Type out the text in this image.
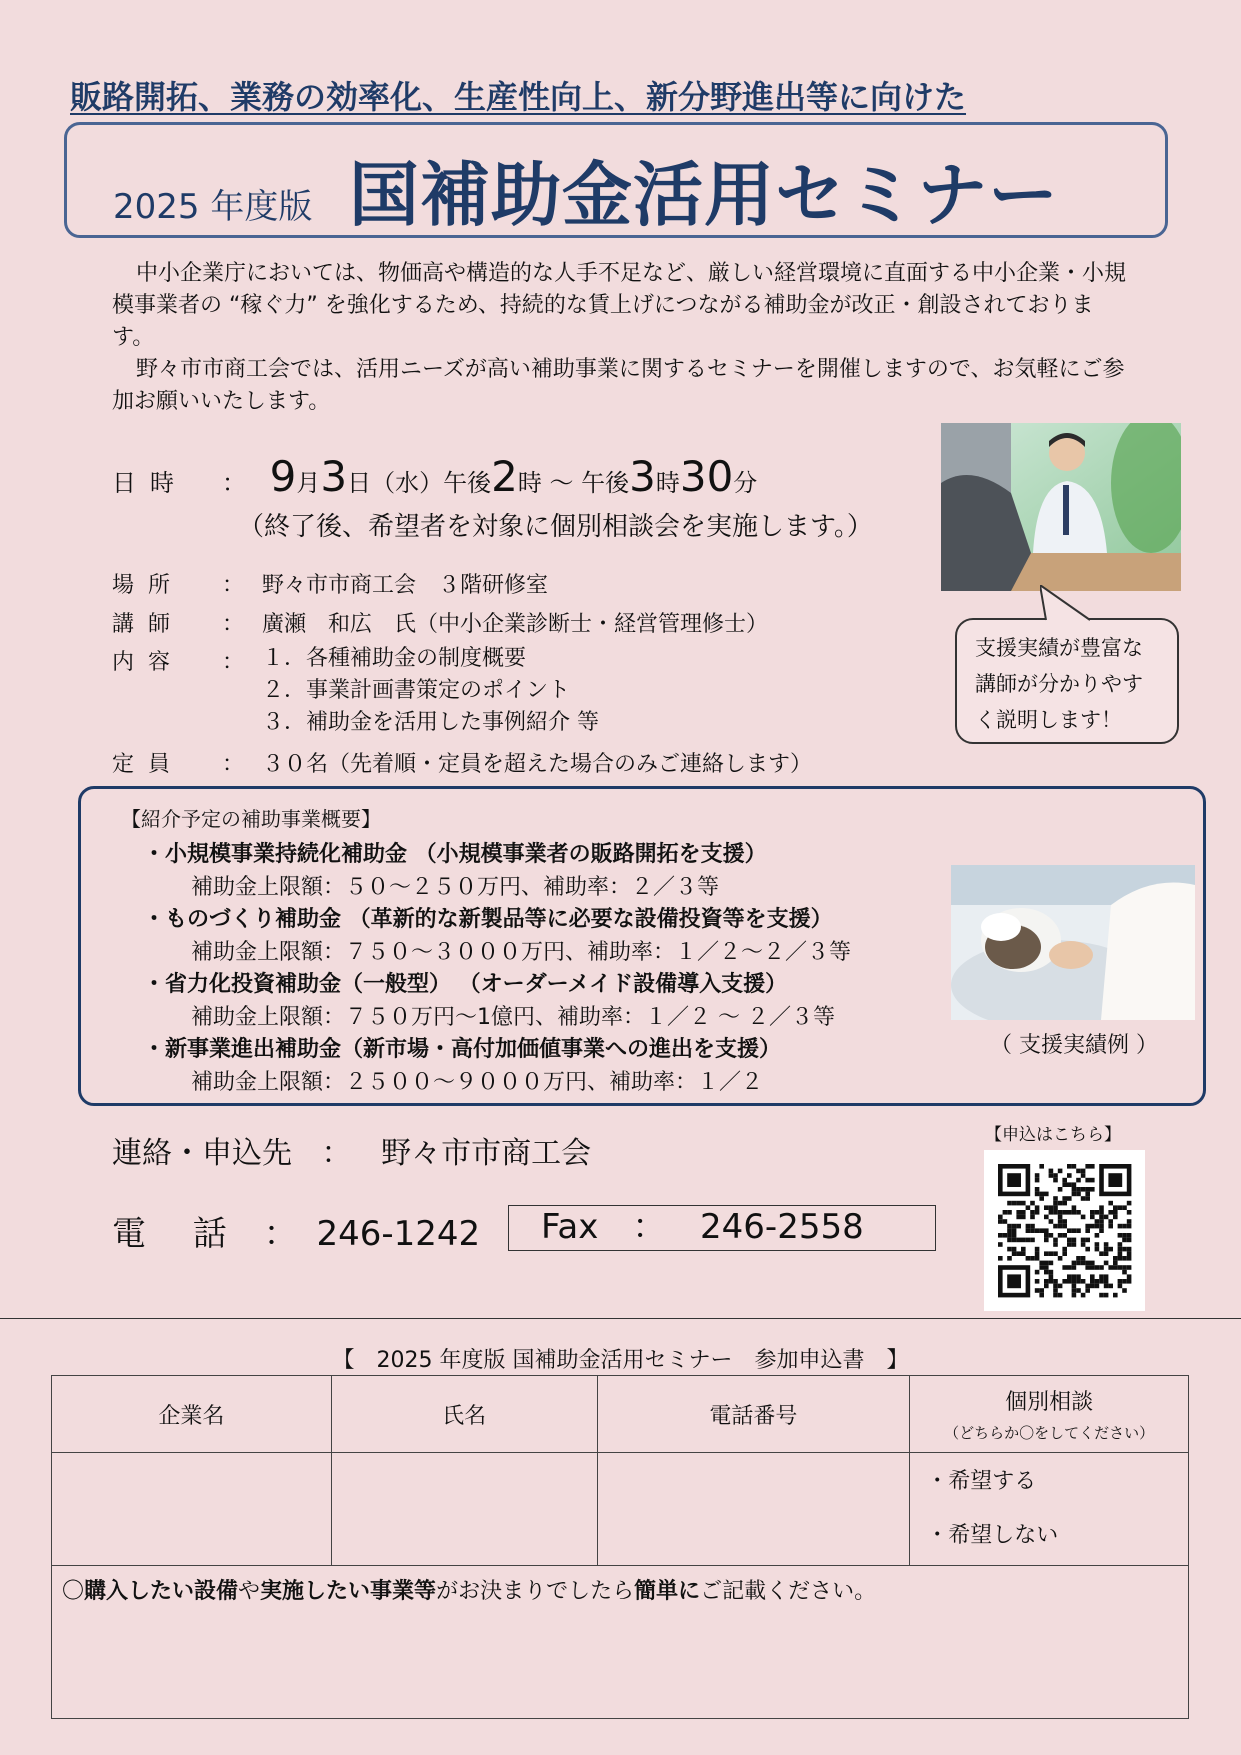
販路開拓、業務の効率化、生産性向上、新分野進出等に向けた
2025 年度版 国補助金活用セミナー

中小企業庁においては、物価高や構造的な人手不足など、厳しい経営環境に直面する中小企業・小規模事業者の “稼ぐ力” を強化するため、持続的な賃上げにつながる補助金が改正・創設されております。

野々市市商工会では、活用ニーズが高い補助事業に関するセミナーを開催しますので、お気軽にご参加お願いいたします。

日時 ： 9月3日（水）午後2時 ～ 午後3時30分
（終了後、希望者を対象に個別相談会を実施します。）
場所 ： 野々市市商工会　３階研修室
講師 ： 廣瀬　和広　氏（中小企業診断士・経営管理修士）
内容 ： １．各種補助金の制度概要
２．事業計画書策定のポイント
３．補助金を活用した事例紹介 等
定員 ： ３０名（先着順・定員を超えた場合のみご連絡します）
支援実績が豊富な
講師が分かりやす
く説明します！
【紹介予定の補助事業概要】
・小規模事業持続化補助金 （小規模事業者の販路開拓を支援）
補助金上限額：５０～２５０万円、補助率：２／３等
・ものづくり補助金 （革新的な新製品等に必要な設備投資等を支援）
補助金上限額：７５０～３０００万円、補助率：１／２～２／３等
・省力化投資補助金（一般型） （オーダーメイド設備導入支援）
補助金上限額：７５０万円～1億円、補助率：１／２ ～ ２／３等
・新事業進出補助金（新市場・高付加価値事業への進出を支援）
補助金上限額：２５００～９０００万円、補助率：１／２
（ 支援実績例 ）
連絡・申込先 ： 野々市市商工会
電 話 ： 246-1242	Fax ： 246-2558
【申込はこちら】
【　2025 年度版 国補助金活用セミナー　参加申込書　】
企業名	氏名	電話番号	個別相談
（どちらか〇をしてください）

			・希望する
・希望しない

〇購入したい設備や実施したい事業等がお決まりでしたら簡単にご記載ください。			
